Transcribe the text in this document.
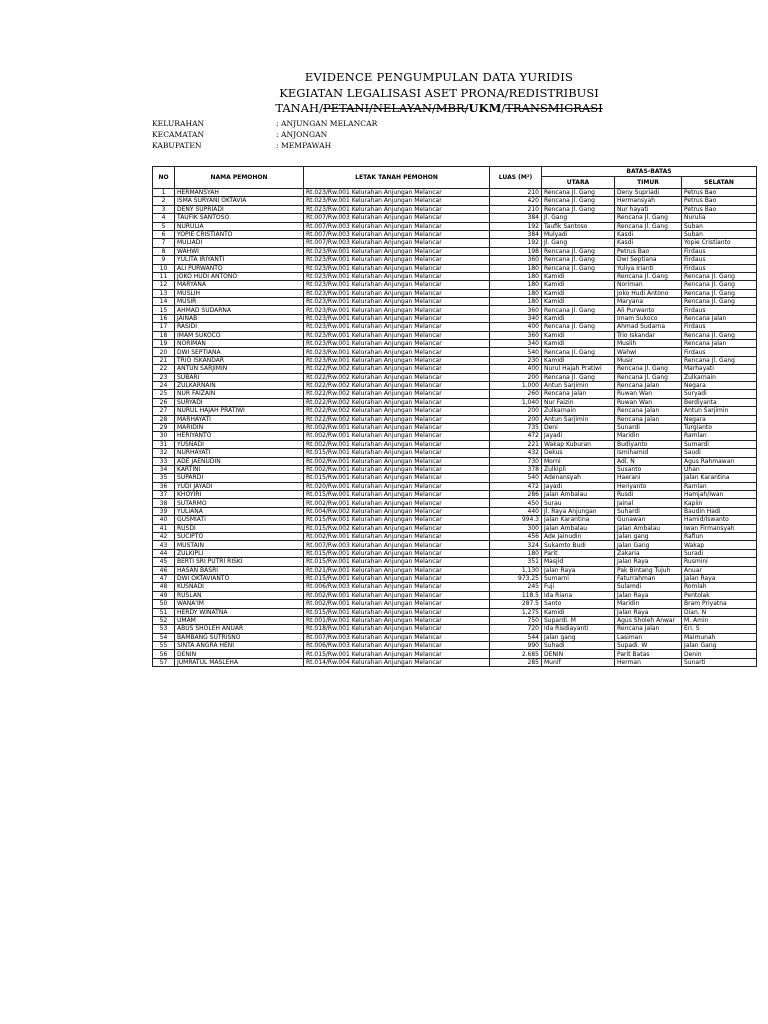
EVIDENCE PENGUMPULAN DATA YURIDIS
KEGIATAN LEGALISASI ASET PRONA/REDISTRIBUSI
TANAH/PETANI/NELAYAN/MBR/UKM/TRANSMIGRASI
KELURAHAN	: ANJUNGAN MELANCAR
KECAMATAN	: ANJONGAN
KABUPATEN	: MEMPAWAH
NO	NAMA PEMOHON	LETAK TANAH PEMOHON	LUAS (M²)	BATAS-BATAS		
				UTARA	TIMUR	SELATAN
1	HERMANSYAH	Rt.023/Rw.001 Kelurahan Anjungan Melancar	210	Rencana Jl. Gang	Deny Supriadi	Petrus Bao
2	ISMA SURYANI OKTAVIA	Rt.023/Rw.001 Kelurahan Anjungan Melancar	420	Rencana Jl. Gang	Hermansyah	Petrus Bao
3	DENY SUPRIADI	Rt.023/Rw.001 Kelurahan Anjungan Melancar	210	Rencana Jl. Gang	Nur hayati	Petrus Bao
4	TAUFIK SANTOSO	Rt.007/Rw.003 Kelurahan Anjungan Melancar	384	Jl. Gang	Rencana Jl. Gang	Nurulia
5	NURULIA	Rt.007/Rw.003 Kelurahan Anjungan Melancar	192	Taufik Santoso	Rencana Jl. Gang	Suban
6	YOPIE CRISTIANTO	Rt.007/Rw.003 Kelurahan Anjungan Melancar	384	Mulyadi	Kasdi	Suban
7	MULIADI	Rt.007/Rw.003 Kelurahan Anjungan Melancar	192	Jl. Gang	Kasdi	Yopie Cristianto
8	WAHWI	Rt.023/Rw.001 Kelurahan Anjungan Melancar	198	Rencana Jl. Gang	Petrus Bao	Firdaus
9	YULITA IRIYANTI	Rt.023/Rw.001 Kelurahan Anjungan Melancar	360	Rencana Jl. Gang	Dwi Septiana	Firdaus
10	ALI PURWANTO	Rt.023/Rw.001 Kelurahan Anjungan Melancar	180	Rencana Jl. Gang	Yuliya Irianti	Firdaus
11	JOKO HUDI ANTONO	Rt.023/Rw.001 Kelurahan Anjungan Melancar	180	Kamidi	Rencana Jl. Gang	Rencana Jl. Gang
12	MARYANA	Rt.023/Rw.001 Kelurahan Anjungan Melancar	180	Kamidi	Noriman	Rencana Jl. Gang
13	MUSLIH	Rt.023/Rw.001 Kelurahan Anjungan Melancar	180	Kamidi	Joko Hudi Antono	Rencana Jl. Gang
14	MUSIR	Rt.023/Rw.001 Kelurahan Anjungan Melancar	180	Kamidi	Maryana	Rencana Jl. Gang
15	AHMAD SUDARNA	Rt.023/Rw.001 Kelurahan Anjungan Melancar	360	Rencana Jl. Gang	Ali Purwanto	Firdaus
16	JAINAB	Rt.023/Rw.001 Kelurahan Anjungan Melancar	340	Kamidi	Imam Sukoco	Rencana Jalan
17	RASIDI	Rt.023/Rw.001 Kelurahan Anjungan Melancar	400	Rencana Jl. Gang	Ahmad Sudarna	Firdaus
18	IMAM SUKOCO	Rt.023/Rw.001 Kelurahan Anjungan Melancar	360	Kamidi	Trio Iskandar	Rencana Jl. Gang
19	NORIMAN	Rt.023/Rw.001 Kelurahan Anjungan Melancar	340	Kamidi	Muslih	Rencana Jalan
20	DWI SEPTIANA	Rt.023/Rw.001 Kelurahan Anjungan Melancar	540	Rencana Jl. Gang	Wahwi	Firdaus
21	TRIO ISKANDAR	Rt.023/Rw.001 Kelurahan Anjungan Melancar	230	Kamidi	Musir	Rencana Jl. Gang
22	ANTUN SARJIMIN	Rt.022/Rw.002 Kelurahan Anjungan Melancar	400	Nurul Hajah Pratiwi	Rencana Jl. Gang	Marhayati
23	SUBARI	Rt.022/Rw.002 Kelurahan Anjungan Melancar	200	Rencana Jl. Gang	Rencana Jl. Gang	Zulkarnain
24	ZULKARNAIN	Rt.022/Rw.002 Kelurahan Anjungan Melancar	1,000	Antun Sarjimin	Rencana Jalan	Negara
25	NUR FAIZAIN	Rt.022/Rw.002 Kelurahan Anjungan Melancar	260	Rencana Jalan	Ruwan Wan	Suryadi
26	SURYADI	Rt.022/Rw.002 Kelurahan Anjungan Melancar	1,040	Nur Faizin	Ruwan Wan	Berdiyanta
27	NURUL HAJAH PRATIWI	Rt.022/Rw.002 Kelurahan Anjungan Melancar	200	Zulkarnain	Rencana Jalan	Antun Sarjimin
28	MARHAYATI	Rt.022/Rw.002 Kelurahan Anjungan Melancar	200	Antun Sarjimin	Rencana Jalan	Negara
29	MARIDIN	Rt.002/Rw.001 Kelurahan Anjungan Melancar	735	Deni	Sunardi	Turgianto
30	HERIYANTO	Rt.002/Rw.001 Kelurahan Anjungan Melancar	472	Jayadi	Maridin	Ramlan
31	YUSNADI	Rt.002/Rw.001 Kelurahan Anjungan Melancar	221	Wakap Kuburan	Budiyanto	Sumardi
32	NURHAYATI	Rt.015/Rw.001 Kelurahan Anjungan Melancar	432	Dekus	Ismihamid	Saudi
33	ADE JAENUDIN	Rt.002/Rw.001 Kelurahan Anjungan Melancar	730	Morni	Adi. N	Agus Rahmawan
34	KARTINI	Rt.002/Rw.001 Kelurahan Anjungan Melancar	378	Zulkipli	Susanto	Uhan
35	SUPARDI	Rt.015/Rw.001 Kelurahan Anjungan Melancar	540	Adenansyah	Haerani	Jalan Karantina
36	YUDI JAYADI	Rt.020/Rw.001 Kelurahan Anjungan Melancar	472	Jayadi	Heriyanto	Ramlan
37	KHOYIRI	Rt.015/Rw.001 Kelurahan Anjungan Melancar	286	Jalan Ambalau	Rusdi	Hamjah/Iwan
38	SUTARMO	Rt.002/Rw.001 Kelurahan Anjungan Melancar	450	Surau	Jainal	Kapiin
39	YULIANA	Rt.004/Rw.002 Kelurahan Anjungan Melancar	440	Jl. Raya Anjungan	Suhardi	Baudin Hadi
40	GUSMIATI	Rt.015/Rw.001 Kelurahan Anjungan Melancar	994.3	Jalan Karantina	Gunawan	Hamid/Iswanto
41	RUSDI	Rt.015/Rw.002 Kelurahan Anjungan Melancar	300	Jalan Ambalau	Jalan Ambalau	Iwan Firmansyah
42	SUCIPTO	Rt.002/Rw.001 Kelurahan Anjungan Melancar	456	Ade Jainudin	Jalan gang	Rafiun
43	MUSTAIN	Rt.007/Rw.003 Kelurahan Anjungan Melancar	324	Sukamto Budi	Jalan Gang	Wakap
44	ZULKIPLI	Rt.015/Rw.001 Kelurahan Anjungan Melancar	180	Parit	Zakaria	Suradi
45	BERTI SRI PUTRI RISKI	Rt.015/Rw.001 Kelurahan Anjungan Melancar	351	Masjid	Jalan Raya	Rusmini
46	HASAN BASRI	Rt.021/Rw.001 Kelurahan Anjungan Melancar	1,130	Jalan Raya	Pak Bintang Tujuh	Anuar
47	DWI OKTAVIANTO	Rt.015/Rw.001 Kelurahan Anjungan Melancar	973.25	Sumarni	Faturrahman	Jalan Raya
48	KUSNADI	Rt.006/Rw.003 Kelurahan Anjungan Melancar	245	Fuji	Sulamdi	Romlah
49	RUSLAN	Rt.002/Rw.001 Kelurahan Anjungan Melancar	118.5	Ida Riana	Jalan Raya	Pentolak
50	WANA'IM	Rt.002/Rw.001 Kelurahan Anjungan Melancar	287.5	Santo	Maridin	Bram Priyatna
51	HERDY WINATNA	Rt.015/Rw.001 Kelurahan Anjungan Melancar	1,275	Kamidi	Jalan Raya	Dian. N
52	UMAM	Rt.001/Rw.001 Kelurahan Anjungan Melancar	750	Supardi. M	Agus Sholeh Anwar	M. Amin
53	ABUS SHOLEH ANUAR	Rt.018/Rw.001 Kelurahan Anjungan Melancar	720	Ida Risdiayanti	Rencana Jalan	Eri. S
54	BAMBANG SUTRISNO	Rt.007/Rw.003 Kelurahan Anjungan Melancar	544	Jalan gang	Lasiman	Maimunah
55	SINTA ANGRA HENI	Rt.006/Rw.003 Kelurahan Anjungan Melancar	990	Suhadi	Supadi. W	Jalan Gang
56	DENIN	Rt.015/Rw.001 Kelurahan Anjungan Melancar	2.685	DENIN	Parit Batas	Denin
57	JUMRATUL MASLEHA	Rt.014/Rw.004 Kelurahan Anjungan Melancar	285	Munif	Herman	Sunarti
